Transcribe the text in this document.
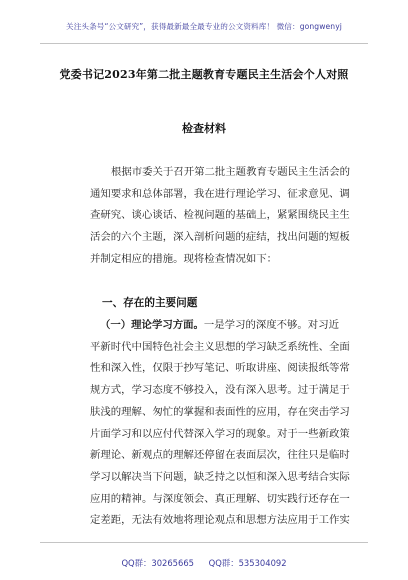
关注头条号“公文研究”，获得最新最全最专业的公文资料库！ 微信：gongwenyj
党委书记2023年第二批主题教育专题民主生活会个人对照
检查材料
根据市委关于召开第二批主题教育专题民主生活会的
通知要求和总体部署，我在进行理论学习、征求意见、调
查研究、谈心谈话、检视问题的基础上，紧紧围绕民主生
活会的六个主题，深入剖析问题的症结，找出问题的短板
并制定相应的措施。现将检查情况如下：
一、存在的主要问题
（一）理论学习方面。一是学习的深度不够。对习近
平新时代中国特色社会主义思想的学习缺乏系统性、全面
性和深入性，仅限于抄写笔记、听取讲座、阅读报纸等常
规方式，学习态度不够投入，没有深入思考。过于满足于
肤浅的理解、匆忙的掌握和表面性的应用，存在突击学习
片面学习和以应付代替深入学习的现象。对于一些新政策
新理论、新观点的理解还停留在表面层次，往往只是临时
学习以解决当下问题，缺乏持之以恒和深入思考结合实际
应用的精神。与深度领会、真正理解、切实践行还存在一
定差距，无法有效地将理论观点和思想方法应用于工作实
QQ群：30265665 QQ群：535304092
